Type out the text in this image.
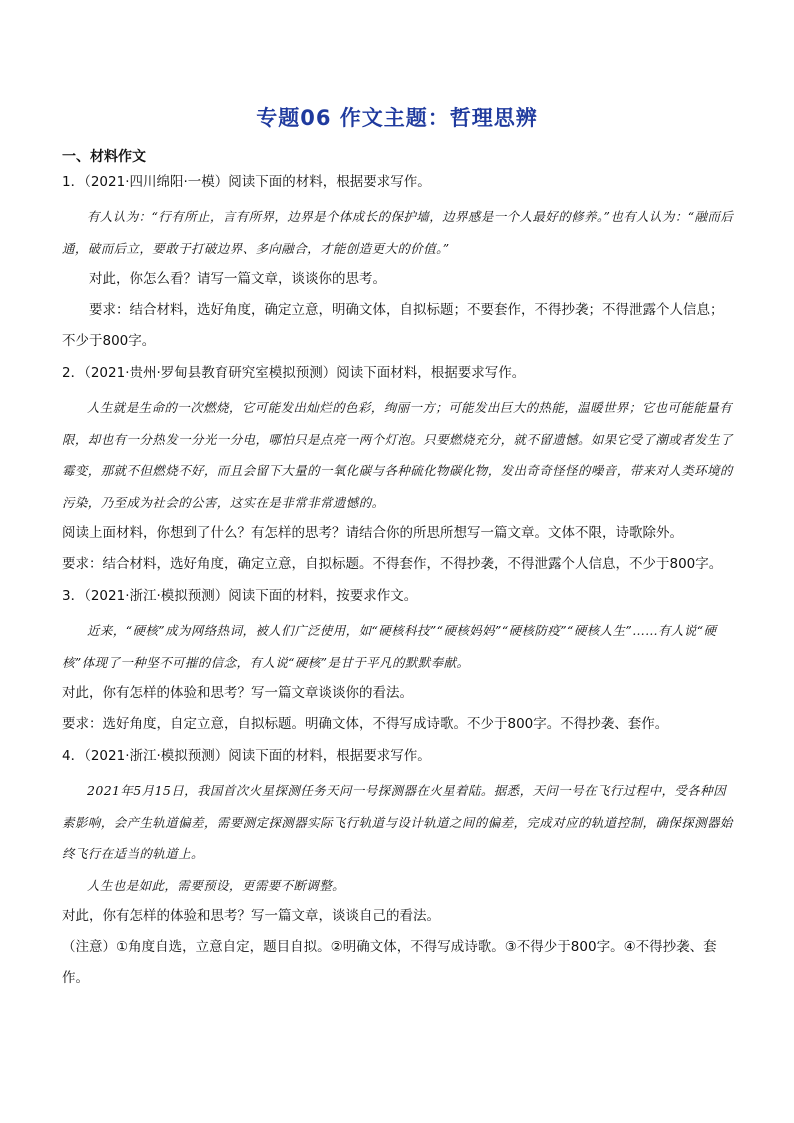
专题06 作文主题：哲理思辨
一、材料作文

1．（2021·四川绵阳·一模）阅读下面的材料，根据要求写作。

有人认为：“行有所止，言有所界，边界是个体成长的保护墙，边界感是一个人最好的修养。”也有人认为：“融而后通，破而后立，要敢于打破边界、多向融合，才能创造更大的价值。”

对此，你怎么看？请写一篇文章，谈谈你的思考。

要求：结合材料，选好角度，确定立意，明确文体，自拟标题；不要套作，不得抄袭；不得泄露个人信息；不少于800字。

2．（2021·贵州·罗甸县教育研究室模拟预测）阅读下面材料，根据要求写作。

人生就是生命的一次燃烧，它可能发出灿烂的色彩，绚丽一方；可能发出巨大的热能，温暖世界；它也可能能量有限，却也有一分热发一分光一分电，哪怕只是点亮一两个灯泡。只要燃烧充分，就不留遗憾。如果它受了潮或者发生了霉变，那就不但燃烧不好，而且会留下大量的一氧化碳与各种硫化物碳化物，发出奇奇怪怪的噪音，带来对人类环境的污染，乃至成为社会的公害，这实在是非常非常遗憾的。

阅读上面材料，你想到了什么？有怎样的思考？请结合你的所思所想写一篇文章。文体不限，诗歌除外。

要求：结合材料，选好角度，确定立意，自拟标题。不得套作，不得抄袭，不得泄露个人信息，不少于800字。

3．（2021·浙江·模拟预测）阅读下面的材料，按要求作文。

近来，“硬核”成为网络热词，被人们广泛使用，如“硬核科技”“硬核妈妈”“硬核防疫”“硬核人生”……有人说“硬核”体现了一种坚不可摧的信念，有人说“硬核”是甘于平凡的默默奉献。

对此，你有怎样的体验和思考？写一篇文章谈谈你的看法。

要求：选好角度，自定立意，自拟标题。明确文体，不得写成诗歌。不少于800字。不得抄袭、套作。

4．（2021·浙江·模拟预测）阅读下面的材料，根据要求写作。

2021年5月15日，我国首次火星探测任务天问一号探测器在火星着陆。据悉，天问一号在飞行过程中，受各种因素影响，会产生轨道偏差，需要测定探测器实际飞行轨道与设计轨道之间的偏差，完成对应的轨道控制，确保探测器始终飞行在适当的轨道上。

人生也是如此，需要预设，更需要不断调整。

对此，你有怎样的体验和思考？写一篇文章，谈谈自己的看法。

（注意）①角度自选，立意自定，题目自拟。②明确文体，不得写成诗歌。③不得少于800字。④不得抄袭、套作。
